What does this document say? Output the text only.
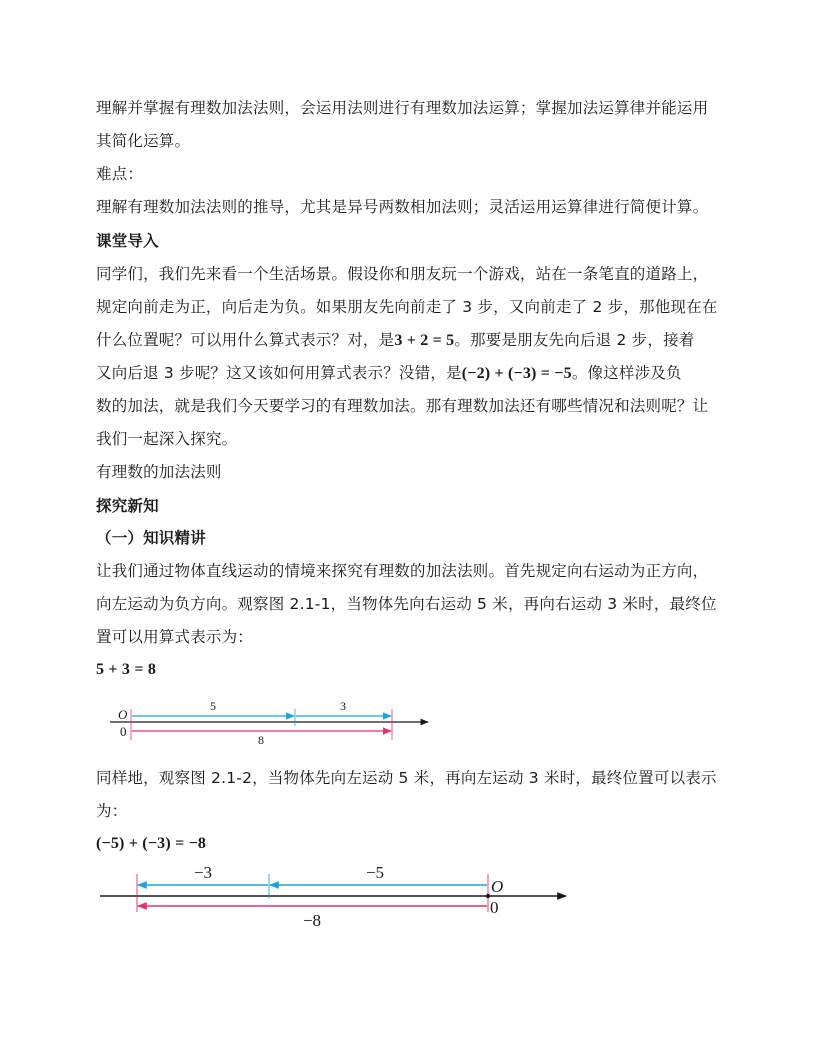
理解并掌握有理数加法法则，会运用法则进行有理数加法运算；掌握加法运算律并能运用
其简化运算。
难点：
理解有理数加法法则的推导，尤其是异号两数相加法则；灵活运用运算律进行简便计算。
课堂导入
同学们，我们先来看一个生活场景。假设你和朋友玩一个游戏，站在一条笔直的道路上，
规定向前走为正，向后走为负。如果朋友先向前走了 3 步，又向前走了 2 步，那他现在在
什么位置呢？可以用什么算式表示？对，是3 + 2 = 5。那要是朋友先向后退 2 步，接着
又向后退 3 步呢？这又该如何用算式表示？没错，是(−2) + (−3) = −5。像这样涉及负
数的加法，就是我们今天要学习的有理数加法。那有理数加法还有哪些情况和法则呢？让
我们一起深入探究。
有理数的加法法则
探究新知
（一）知识精讲
让我们通过物体直线运动的情境来探究有理数的加法法则。首先规定向右运动为正方向，
向左运动为负方向。观察图 2.1-1，当物体先向右运动 5 米，再向右运动 3 米时，最终位
置可以用算式表示为：
5 + 3 = 8
O
0
5	3
8
同样地，观察图 2.1-2，当物体先向左运动 5 米，再向左运动 3 米时，最终位置可以表示
为：
(−5) + (−3) = −8
−3	−5
−8
O
0
